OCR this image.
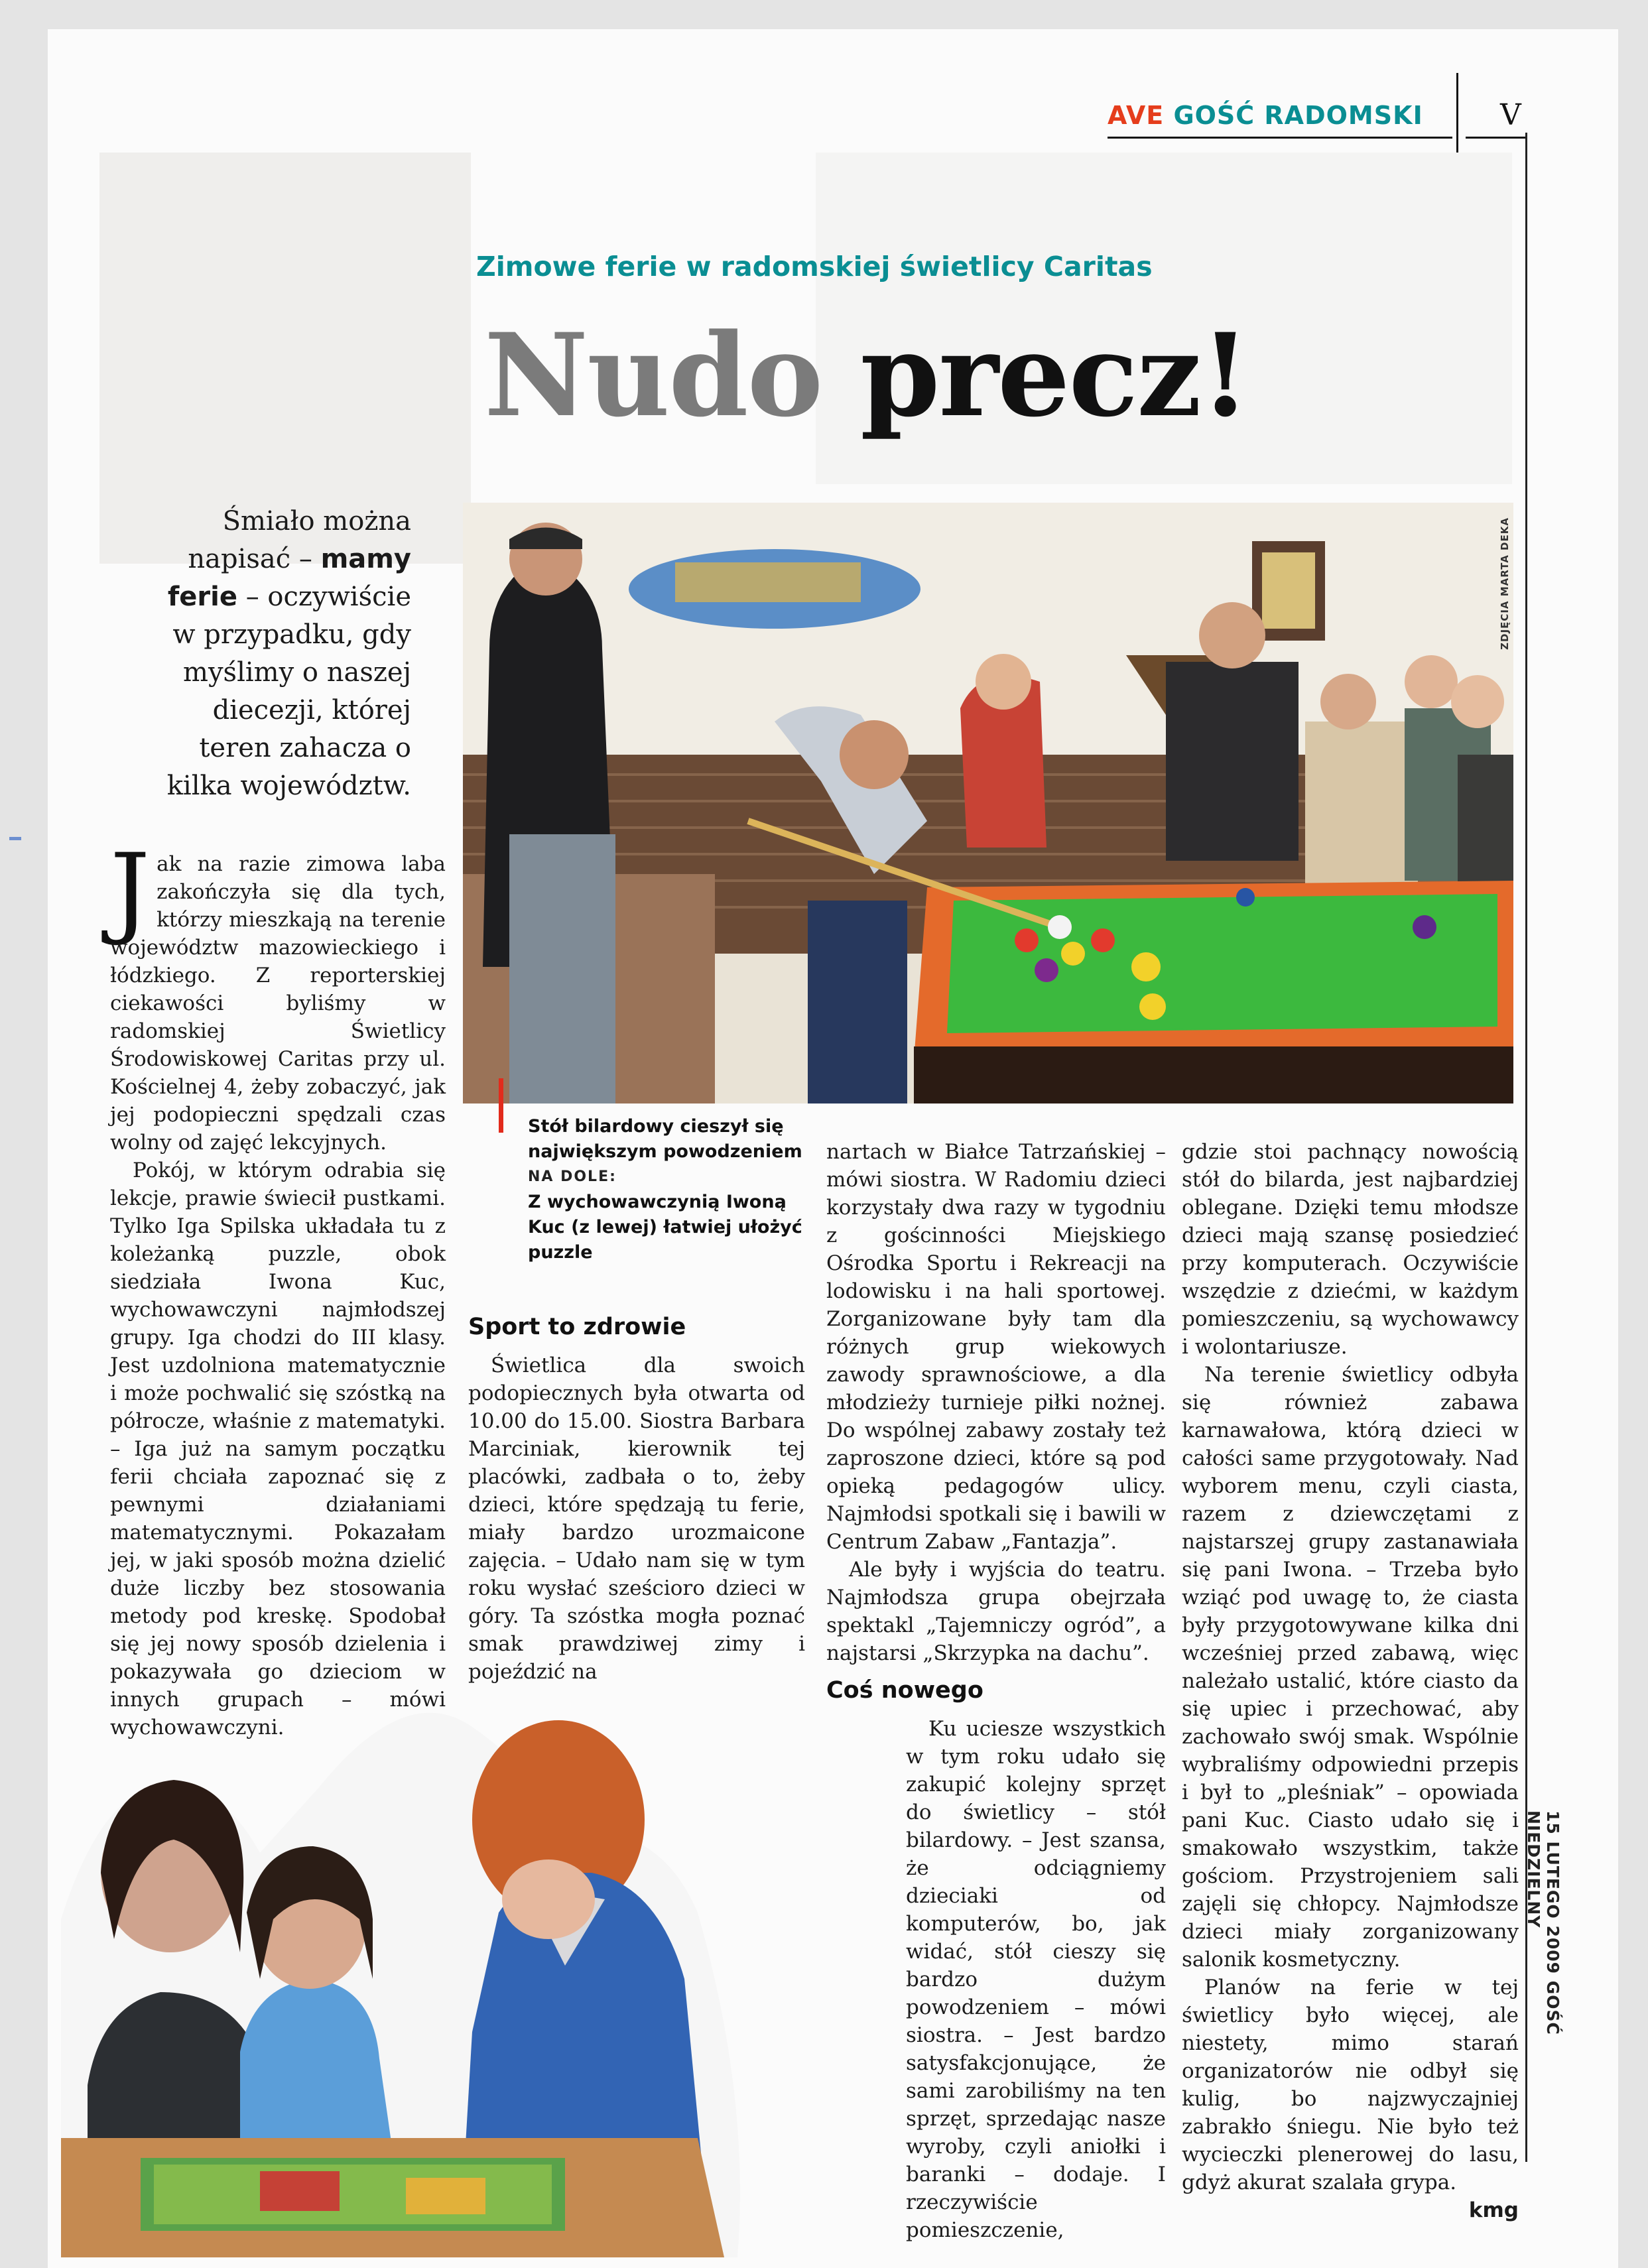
AVE GOŚĆ RADOMSKI	V
Zimowe ferie w radomskiej świetlicy Caritas
Nudo precz!
Śmiało można napisać – mamy ferie – oczywiście w przypadku, gdy myślimy o naszej diecezji, której teren zahacza o kilka województw.
ZDJĘCIA MARTA DEKA
Stół bilardowy cieszył się największym powodzeniem
NA DOLE:
Z wychowawczynią Iwoną Kuc (z lewej) łatwiej ułożyć puzzle

Jak na razie zimowa laba zakończyła się dla tych, którzy mieszkają na terenie województw mazowieckiego i łódzkiego. Z reporterskiej ciekawości byliśmy w radomskiej Świetlicy Środowiskowej Caritas przy ul. Kościelnej 4, żeby zobaczyć, jak jej podopieczni spędzali czas wolny od zajęć lekcyjnych.

Pokój, w którym odrabia się lekcje, prawie świecił pustkami. Tylko Iga Spilska układała tu z koleżanką puzzle, obok siedziała Iwona Kuc, wychowawczyni najmłodszej grupy. Iga chodzi do III klasy. Jest uzdolniona matematycznie i może pochwalić się szóstką na półrocze, właśnie z matematyki. – Iga już na samym początku ferii chciała zapoznać się z pewnymi działaniami matematycznymi. Pokazałam jej, w jaki sposób można dzielić duże liczby bez stosowania metody pod kreskę. Spodobał się jej nowy sposób dzielenia i pokazywała go dzieciom w innych grupach – mówi wychowawczyni.

Sport to zdrowie

Świetlica dla swoich podopiecznych była otwarta od 10.00 do 15.00. Siostra Barbara Marciniak, kierownik tej placówki, zadbała o to, żeby dzieci, które spędzają tu ferie, miały bardzo urozmaicone zajęcia. – Udało nam się w tym roku wysłać sześcioro dzieci w góry. Ta szóstka mogła poznać smak prawdziwej zimy i pojeździć na

nartach w Białce Tatrzańskiej – mówi siostra. W Radomiu dzieci korzystały dwa razy w tygodniu z gościnności Miejskiego Ośrodka Sportu i Rekreacji na lodowisku i na hali sportowej. Zorganizowane były tam dla różnych grup wiekowych zawody sprawnościowe, a dla młodzieży turnieje piłki nożnej. Do wspólnej zabawy zostały też zaproszone dzieci, które są pod opieką pedagogów ulicy. Najmłodsi spotkali się i bawili w Centrum Zabaw „Fantazja”.

Ale były i wyjścia do teatru. Najmłodsza grupa obejrzała spektakl „Tajemniczy ogród”, a najstarsi „Skrzypka na dachu”.

Coś nowego

Ku uciesze wszystkich w tym roku udało się zakupić kolejny sprzęt do świetlicy – stół bilardowy. – Jest szansa, że odciągniemy dzieciaki od komputerów, bo, jak widać, stół cieszy się bardzo dużym powodzeniem – mówi siostra. – Jest bardzo satysfakcjonujące, że sami zarobiliśmy na ten sprzęt, sprzedając nasze wyroby, czyli aniołki i baranki – dodaje. I rzeczywiście pomieszczenie,

gdzie stoi pachnący nowością stół do bilarda, jest najbardziej oblegane. Dzięki temu młodsze dzieci mają szansę posiedzieć przy komputerach. Oczywiście wszędzie z dziećmi, w każdym pomieszczeniu, są wychowawcy i wolontariusze.

Na terenie świetlicy odbyła się również zabawa karnawałowa, którą dzieci w całości same przygotowały. Nad wyborem menu, czyli ciasta, razem z dziewczętami z najstarszej grupy zastanawiała się pani Iwona. – Trzeba było wziąć pod uwagę to, że ciasta były przygotowywane kilka dni wcześniej przed zabawą, więc należało ustalić, które ciasto da się upiec i przechować, aby zachowało swój smak. Wspólnie wybraliśmy odpowiedni przepis i był to „pleśniak” – opowiada pani Kuc. Ciasto udało się i smakowało wszystkim, także gościom. Przystrojeniem sali zajęli się chłopcy. Najmłodsze dzieci miały zorganizowany salonik kosmetyczny.

Planów na ferie w tej świetlicy było więcej, ale niestety, mimo starań organizatorów nie odbył się kulig, bo najzwyczajniej zabrakło śniegu. Nie było też wycieczki plenerowej do lasu, gdyż akurat szalała grypa.

kmg

15 LUTEGO 2009 GOŚĆ NIEDZIELNY
